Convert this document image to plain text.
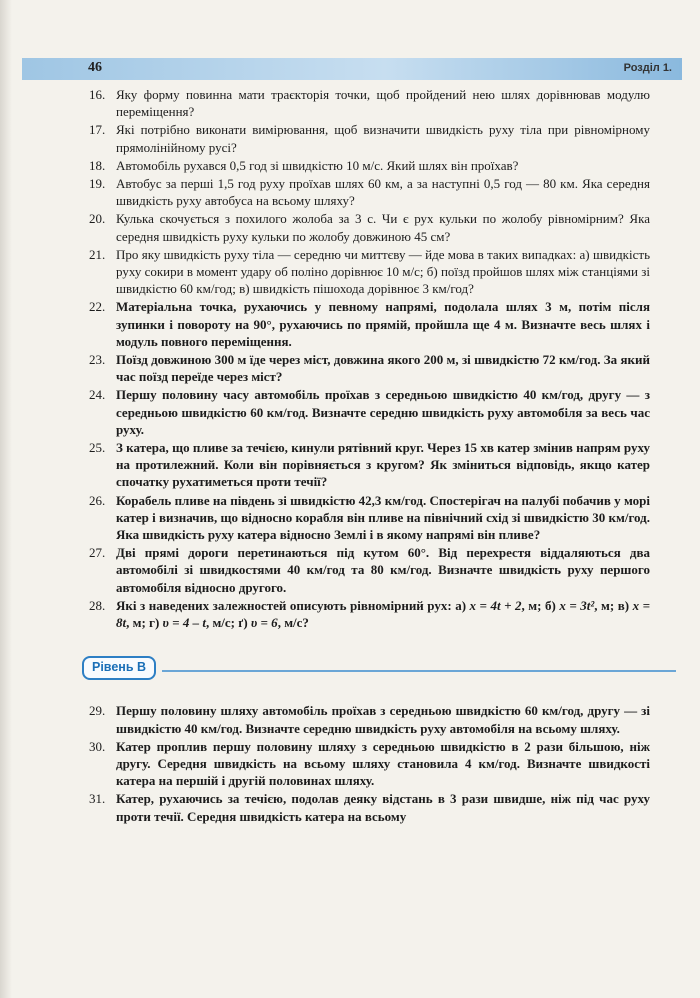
46	Розділ 1.
16. Яку форму повинна мати траєкторія точки, щоб пройдений нею шлях дорівнював модулю переміщення?
17. Які потрібно виконати вимірювання, щоб визначити швидкість руху тіла при рівномірному прямолінійному русі?
18. Автомобіль рухався 0,5 год зі швидкістю 10 м/с. Який шлях він проїхав?
19. Автобус за перші 1,5 год руху проїхав шлях 60 км, а за наступні 0,5 год — 80 км. Яка середня швидкість руху автобуса на всьому шляху?
20. Кулька скочується з похилого жолоба за 3 с. Чи є рух кульки по жолобу рівномірним? Яка середня швидкість руху кульки по жолобу довжиною 45 см?
21. Про яку швидкість руху тіла — середню чи миттєву — йде мова в таких випадках: а) швидкість руху сокири в момент удару об поліно дорівнює 10 м/с; б) поїзд пройшов шлях між станціями зі швидкістю 60 км/год; в) швидкість пішохода дорівнює 3 км/год?
22. Матеріальна точка, рухаючись у певному напрямі, подолала шлях 3 м, потім після зупинки і повороту на 90°, рухаючись по прямій, пройшла ще 4 м. Визначте весь шлях і модуль повного переміщення.
23. Поїзд довжиною 300 м їде через міст, довжина якого 200 м, зі швидкістю 72 км/год. За який час поїзд переїде через міст?
24. Першу половину часу автомобіль проїхав з середньою швидкістю 40 км/год, другу — з середньою швидкістю 60 км/год. Визначте середню швидкість руху автомобіля за весь час руху.
25. З катера, що пливе за течією, кинули рятівний круг. Через 15 хв катер змінив напрям руху на протилежний. Коли він порівняється з кругом? Як зміниться відповідь, якщо катер спочатку рухатиметься проти течії?
26. Корабель пливе на південь зі швидкістю 42,3 км/год. Спостерігач на палубі побачив у морі катер і визначив, що відносно корабля він пливе на північний схід зі швидкістю 30 км/год. Яка швидкість руху катера відносно Землі і в якому напрямі він пливе?
27. Дві прямі дороги перетинаються під кутом 60°. Від перехрестя віддаляються два автомобілі зі швидкостями 40 км/год та 80 км/год. Визначте швидкість руху першого автомобіля відносно другого.
28. Які з наведених залежностей описують рівномірний рух: а) x = 4t + 2, м; б) x = 3t², м; в) x = 8t, м; г) υ = 4 – t, м/с; ґ) υ = 6, м/с?
Рівень В
29. Першу половину шляху автомобіль проїхав з середньою швидкістю 60 км/год, другу — зі швидкістю 40 км/год. Визначте середню швидкість руху автомобіля на всьому шляху.
30. Катер проплив першу половину шляху з середньою швидкістю в 2 рази більшою, ніж другу. Середня швидкість на всьому шляху становила 4 км/год. Визначте швидкості катера на першій і другій половинах шляху.
31. Катер, рухаючись за течією, подолав деяку відстань в 3 рази швидше, ніж під час руху проти течії. Середня швидкість катера на всьому
